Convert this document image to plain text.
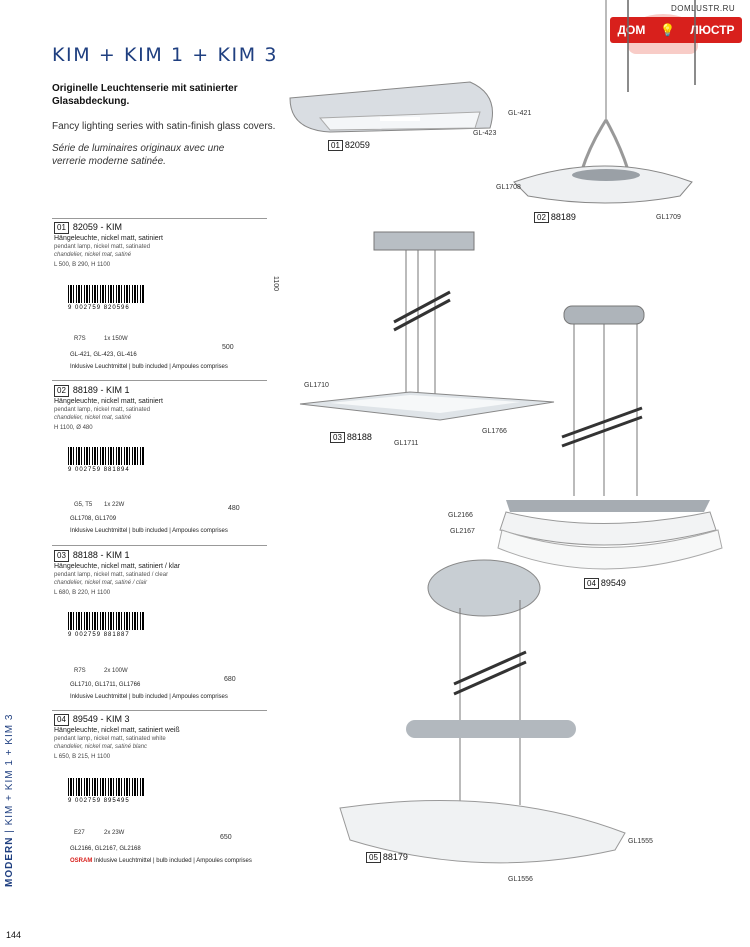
KIM + KIM 1 + KIM 3
Originelle Leuchtenserie mit satinierter Glasabdeckung.
Fancy lighting series with satin-finish glass covers.
Série de luminaires originaux avec une verrerie moderne satinée.
DOMLUSTR.RU
ДОМ 💡 ЛЮСТР
01 82059
GL-421
GL-423
02 88189
GL1708
GL1709
03 88188
GL1710
GL1711
GL1766
04 89549
GL2166
GL2167
05 88179
GL1555
GL1556
01 82059 - KIM
Hängeleuchte, nickel matt, satiniert
pendant lamp, nickel matt, satinated
chandelier, nickel mat, satiné
L 500, B 290, H 1100
9 002759 820596
R7S	1x 150W
GL-421, GL-423, GL-416
Inklusive Leuchtmittel | bulb included | Ampoules comprises
500
1100
02 88189 - KIM 1
Hängeleuchte, nickel matt, satiniert
pendant lamp, nickel matt, satinated
chandelier, nickel mat, satiné
H 1100, Ø 480
9 002759 881894
G5, T5 1x 22W
GL1708, GL1709
Inklusive Leuchtmittel | bulb included | Ampoules comprises
480
03 88188 - KIM 1
Hängeleuchte, nickel matt, satiniert / klar
pendant lamp, nickel matt, satinated / clear
chandelier, nickel mat, satiné / clair
L 680, B 220, H 1100
9 002759 881887
R7S	2x 100W
GL1710, GL1711, GL1766
Inklusive Leuchtmittel | bulb included | Ampoules comprises
680
04 89549 - KIM 3
Hängeleuchte, nickel matt, satiniert weiß
pendant lamp, nickel matt, satinated white
chandelier, nickel mat, satiné blanc
L 650, B 215, H 1100
9 002759 895495
E27	2x 23W
GL2166, GL2167, GL2168
OSRAM Inklusive Leuchtmittel | bulb included | Ampoules comprises
650
MODERN | KIM + KIM 1 + KIM 3
144
